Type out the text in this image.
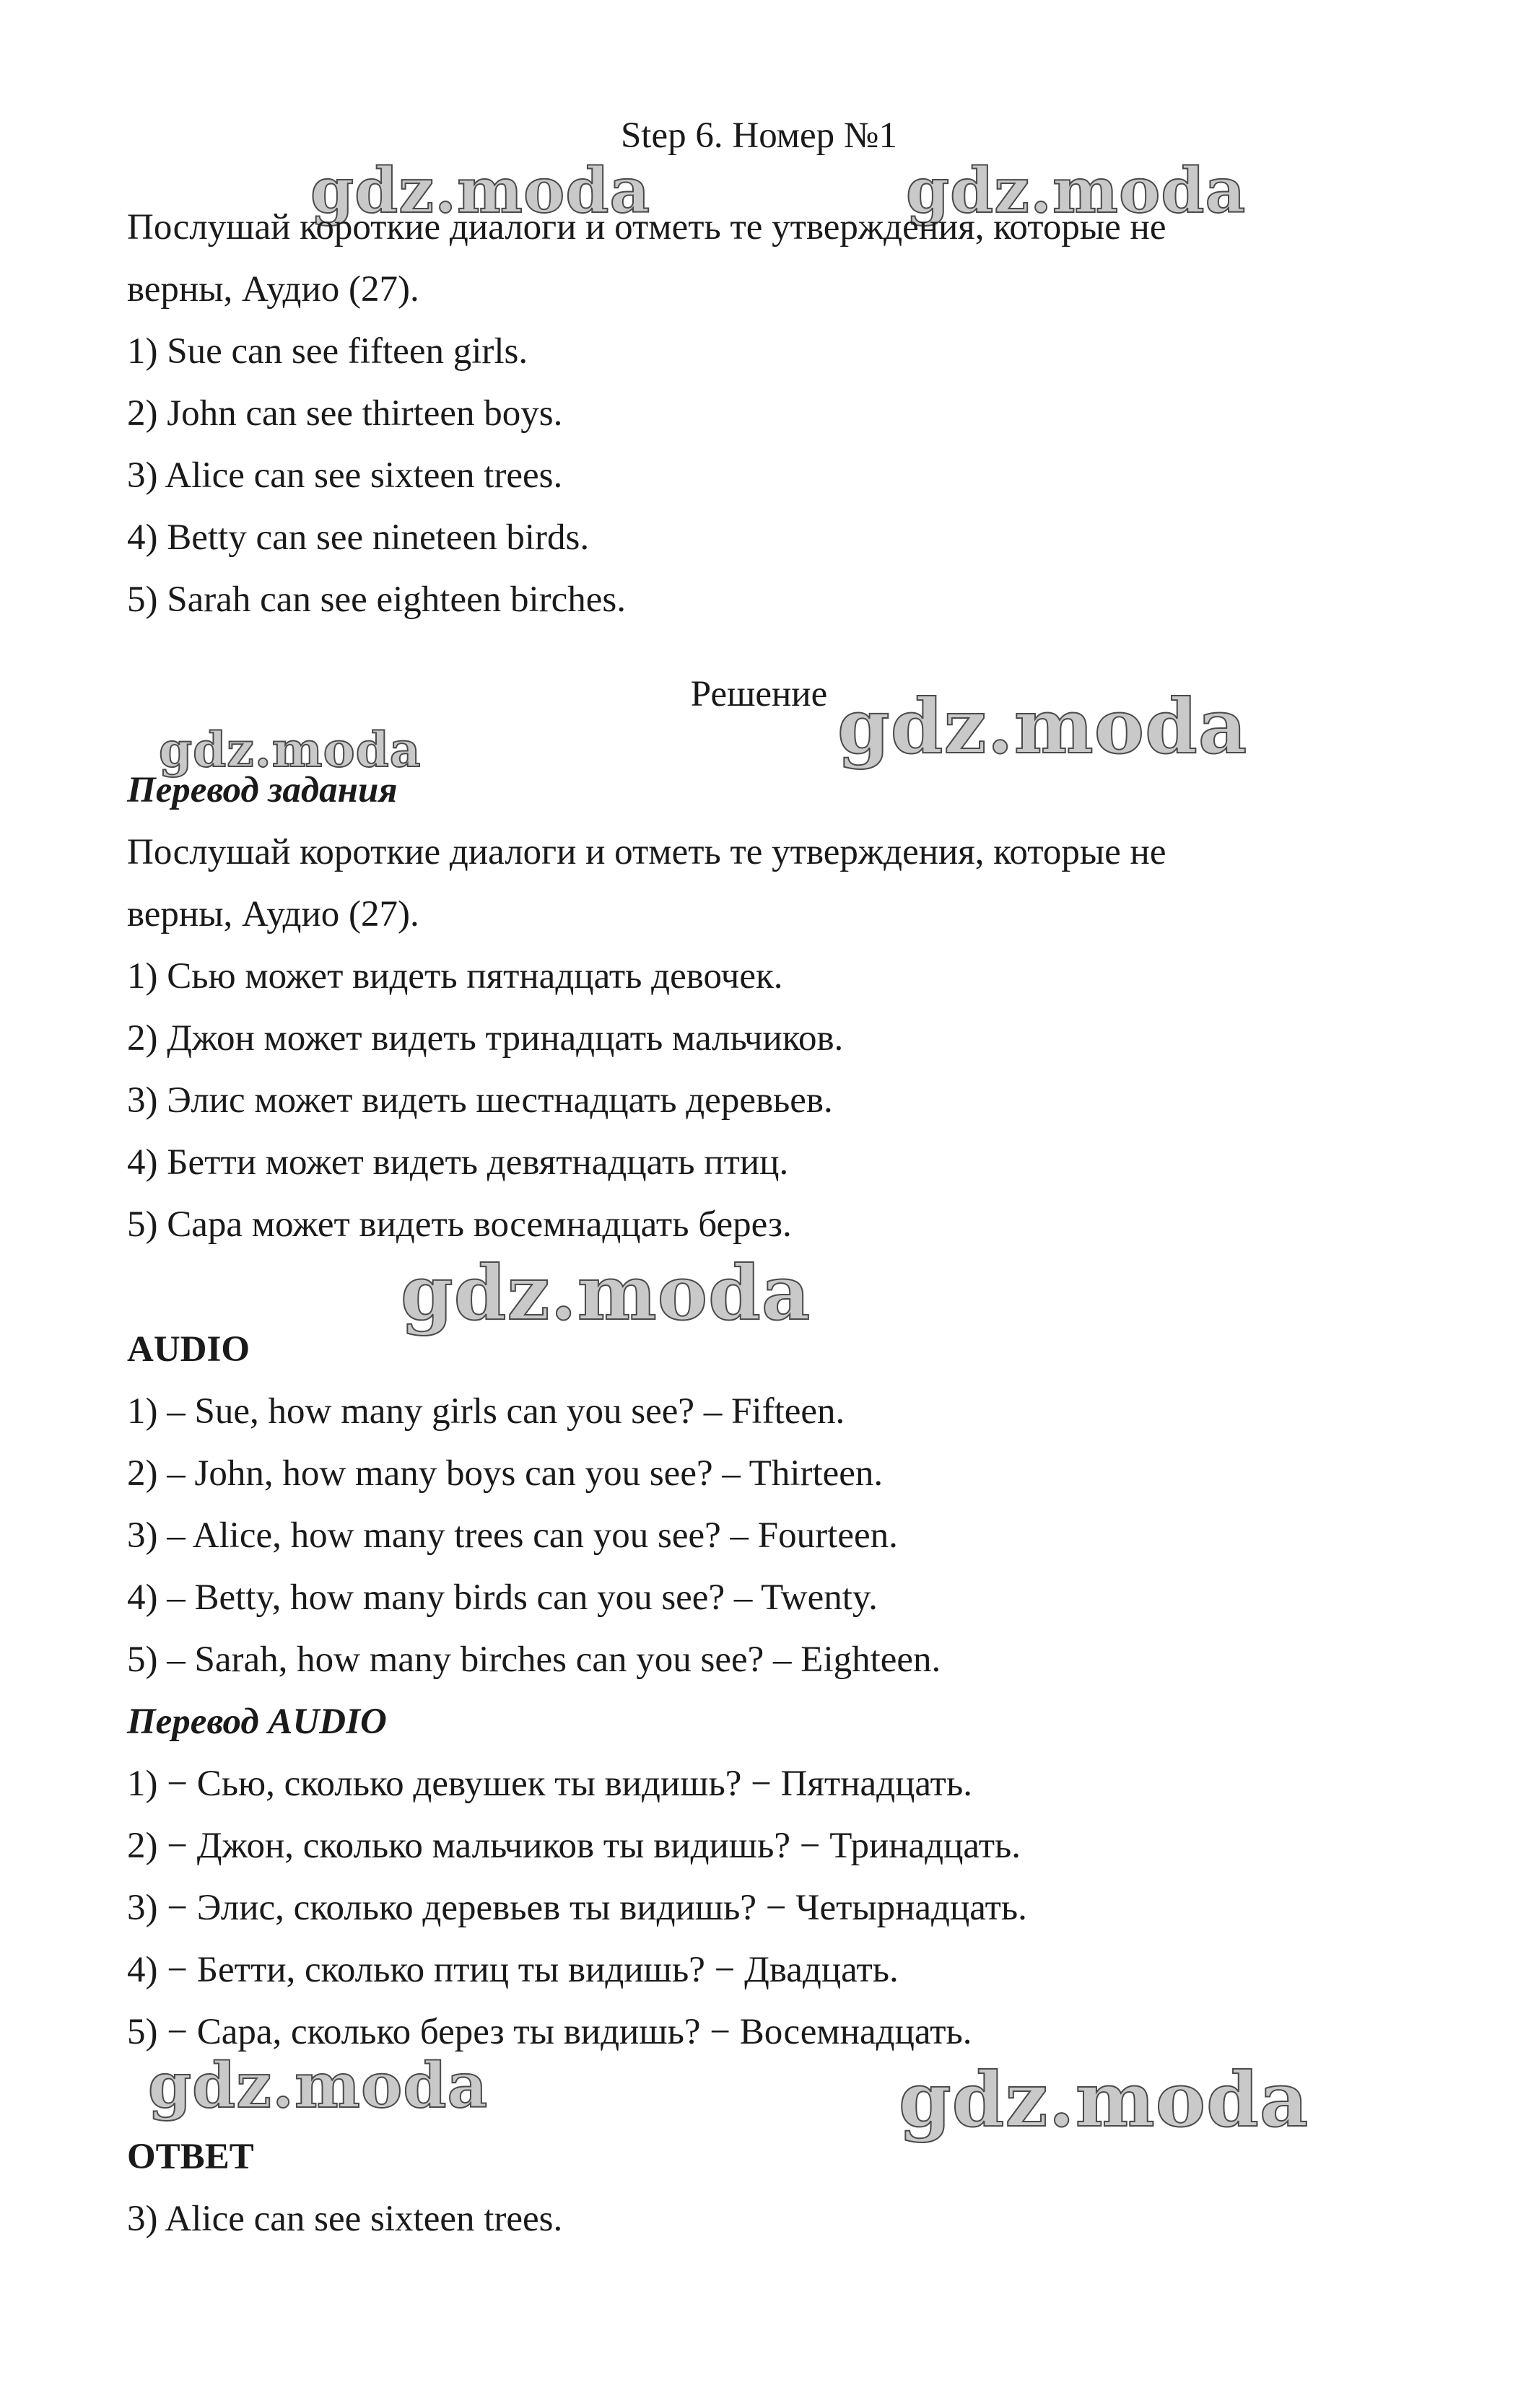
gdz.moda	gdz.moda
gdz.moda	gdz.moda
gdz.moda
gdz.moda	gdz.moda
Step 6. Номер №1
Послушай короткие диалоги и отметь те утверждения, которые не
верны, Аудио (27).
1) Sue can see fifteen girls.
2) John can see thirteen boys.
3) Alice can see sixteen trees.
4) Betty can see nineteen birds.
5) Sarah can see eighteen birches.
Решение
Перевод задания
Послушай короткие диалоги и отметь те утверждения, которые не
верны, Аудио (27).
1) Сью может видеть пятнадцать девочек.
2) Джон может видеть тринадцать мальчиков.
3) Элис может видеть шестнадцать деревьев.
4) Бетти может видеть девятнадцать птиц.
5) Сара может видеть восемнадцать берез.
AUDIO
1) – Sue, how many girls can you see? – Fifteen.
2) – John, how many boys can you see? – Thirteen.
3) – Alice, how many trees can you see? – Fourteen.
4) – Betty, how many birds can you see? – Twenty.
5) – Sarah, how many birches can you see? – Eighteen.
Перевод AUDIO
1) − Сью, сколько девушек ты видишь? − Пятнадцать.
2) − Джон, сколько мальчиков ты видишь? − Тринадцать.
3) − Элис, сколько деревьев ты видишь? − Четырнадцать.
4) − Бетти, сколько птиц ты видишь? − Двадцать.
5) − Сара, сколько берез ты видишь? − Восемнадцать.
ОТВЕТ
3) Alice can see sixteen trees.
